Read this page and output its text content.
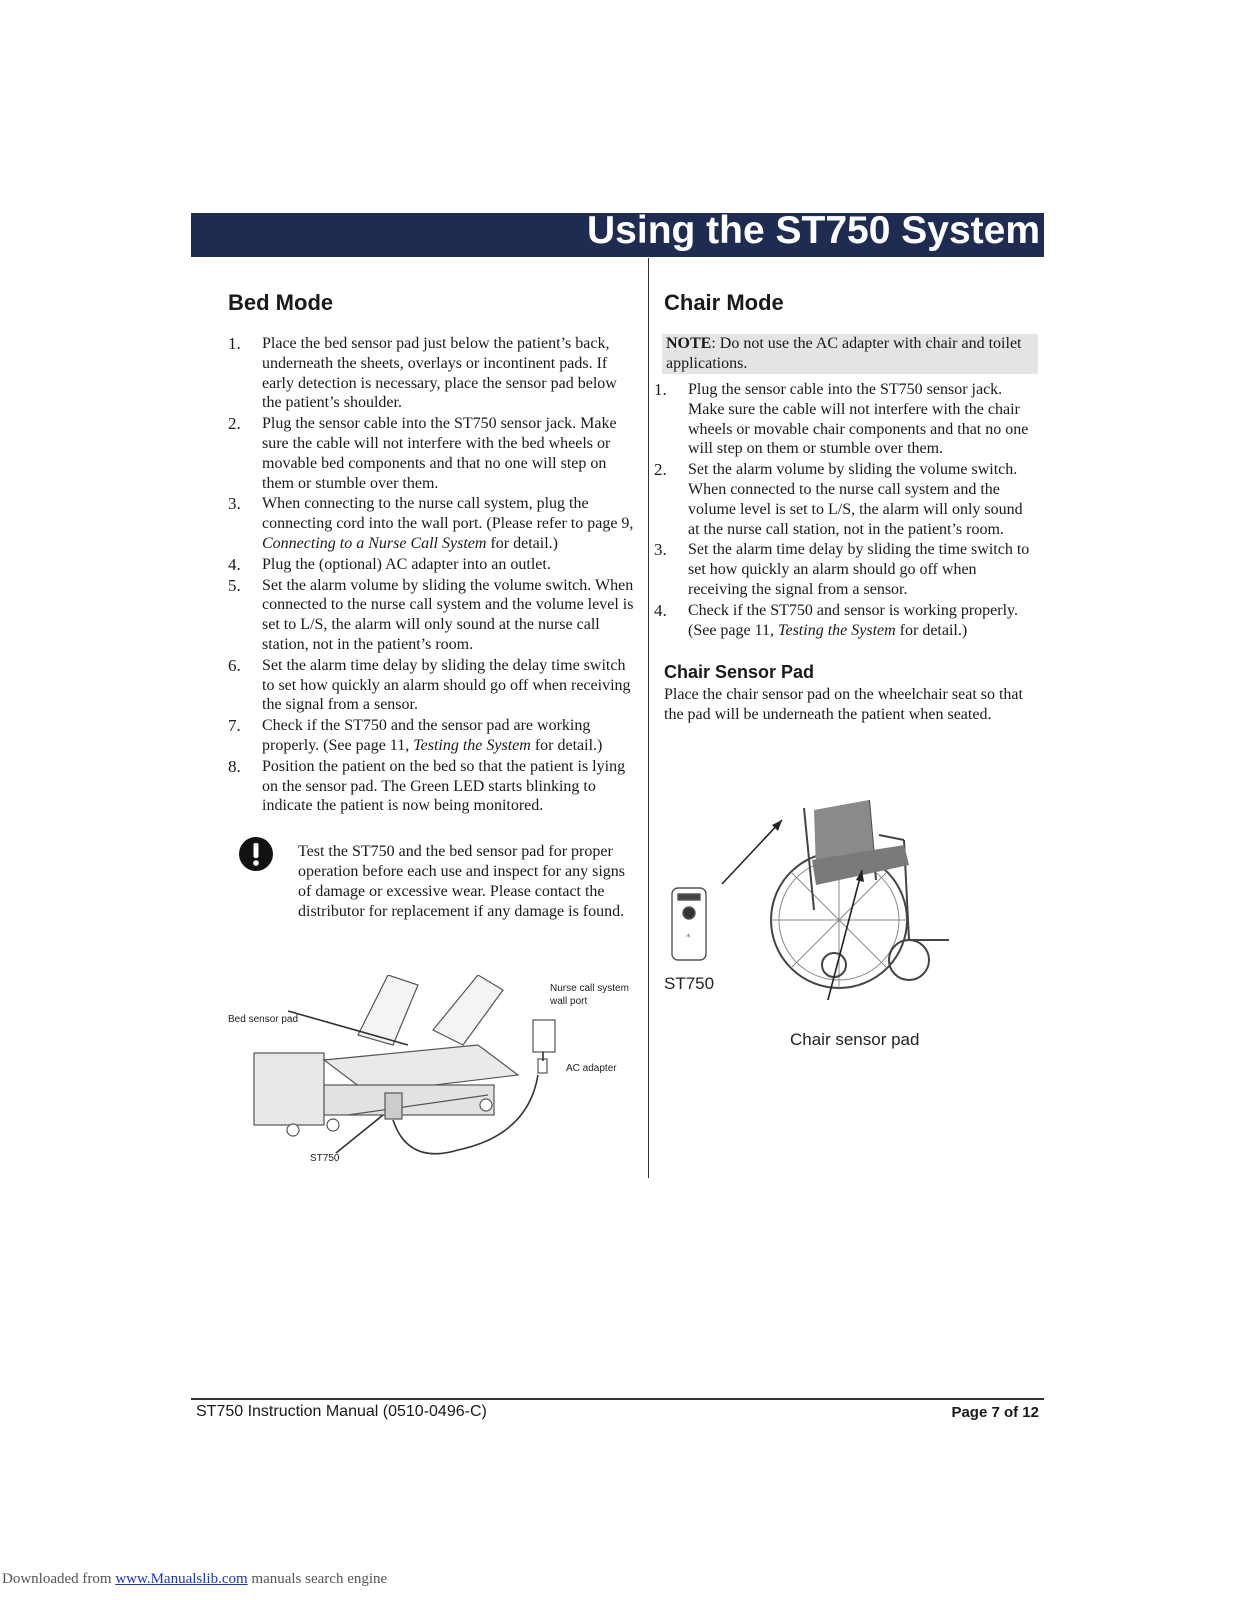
Using the ST750 System
Bed Mode
1. Place the bed sensor pad just below the patient’s back, underneath the sheets, overlays or incontinent pads. If early detection is necessary, place the sensor pad below the patient’s shoulder.
2. Plug the sensor cable into the ST750 sensor jack. Make sure the cable will not interfere with the bed wheels or movable bed components and that no one will step on them or stumble over them.
3. When connecting to the nurse call system, plug the connecting cord into the wall port. (Please refer to page 9, Connecting to a Nurse Call System for detail.)
4. Plug the (optional) AC adapter into an outlet.
5. Set the alarm volume by sliding the volume switch. When connected to the nurse call system and the volume level is set to L/S, the alarm will only sound at the nurse call station, not in the patient’s room.
6. Set the alarm time delay by sliding the delay time switch to set how quickly an alarm should go off when receiving the signal from a sensor.
7. Check if the ST750 and the sensor pad are working properly. (See page 11, Testing the System for detail.)
8. Position the patient on the bed so that the patient is lying on the sensor pad. The Green LED starts blinking to indicate the patient is now being monitored.
Test the ST750 and the bed sensor pad for proper operation before each use and inspect for any signs of damage or excessive wear. Please contact the distributor for replacement if any damage is found.
Bed sensor pad
Nurse call system
wall port
AC adapter
ST750
Chair Mode
NOTE: Do not use the AC adapter with chair and toilet applications.
1. Plug the sensor cable into the ST750 sensor jack. Make sure the cable will not interfere with the chair wheels or movable chair components and that no one will step on them or stumble over them.
2. Set the alarm volume by sliding the volume switch. When connected to the nurse call system and the volume level is set to L/S, the alarm will only sound at the nurse call station, not in the patient’s room.
3. Set the alarm time delay by sliding the time switch to set how quickly an alarm should go off when receiving the signal from a sensor.
4. Check if the ST750 and sensor is working properly. (See page 11, Testing the System for detail.)
Chair Sensor Pad

Place the chair sensor pad on the wheelchair seat so that the pad will be underneath the patient when seated.

*
ST750
Chair sensor pad
ST750 Instruction Manual (0510-0496-C)	Page 7 of 12
Downloaded from www.Manualslib.com manuals search engine
